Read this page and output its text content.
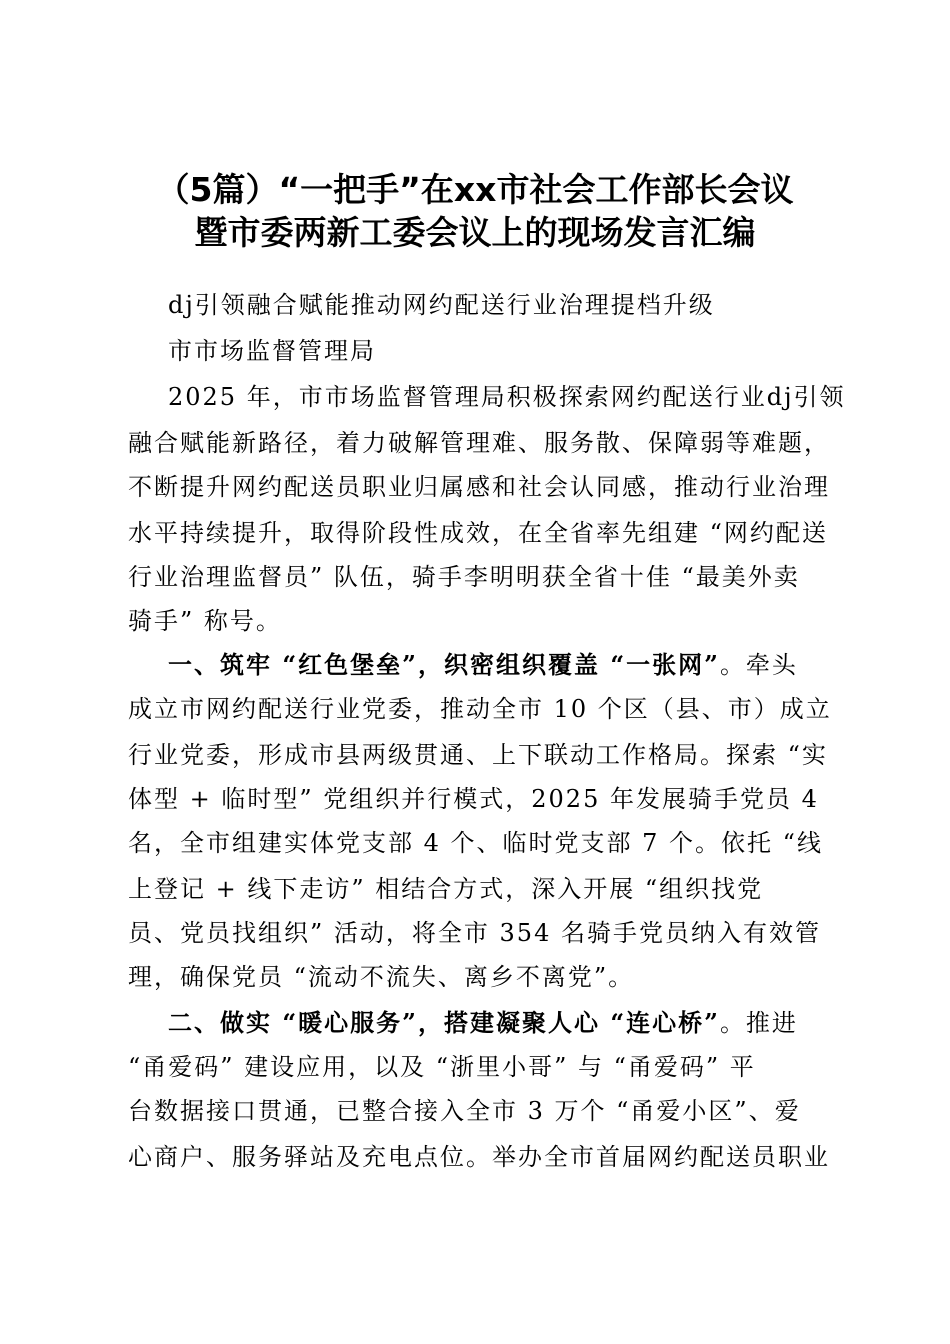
（5篇）“一把手”在xx市社会工作部长会议
暨市委两新工委会议上的现场发言汇编

dj引领融合赋能推动网约配送行业治理提档升级

市市场监督管理局

2025 年，市市场监督管理局积极探索网约配送行业dj引领

融合赋能新路径，着力破解管理难、服务散、保障弱等难题，

不断提升网约配送员职业归属感和社会认同感，推动行业治理

水平持续提升，取得阶段性成效，在全省率先组建 “网约配送

行业治理监督员” 队伍，骑手李明明获全省十佳 “最美外卖

骑手” 称号。

一、筑牢 “红色堡垒”，织密组织覆盖 “一张网”。牵头

成立市网约配送行业党委，推动全市 10 个区（县、市）成立

行业党委，形成市县两级贯通、上下联动工作格局。探索 “实

体型 + 临时型” 党组织并行模式，2025 年发展骑手党员 4

名，全市组建实体党支部 4 个、临时党支部 7 个。依托 “线

上登记 + 线下走访” 相结合方式，深入开展 “组织找党

员、党员找组织” 活动，将全市 354 名骑手党员纳入有效管

理，确保党员 “流动不流失、离乡不离党”。

二、做实 “暖心服务”，搭建凝聚人心 “连心桥”。推进

“甬爱码” 建设应用，以及 “浙里小哥” 与 “甬爱码” 平

台数据接口贯通，已整合接入全市 3 万个 “甬爱小区”、爱

心商户、服务驿站及充电点位。举办全市首届网约配送员职业
